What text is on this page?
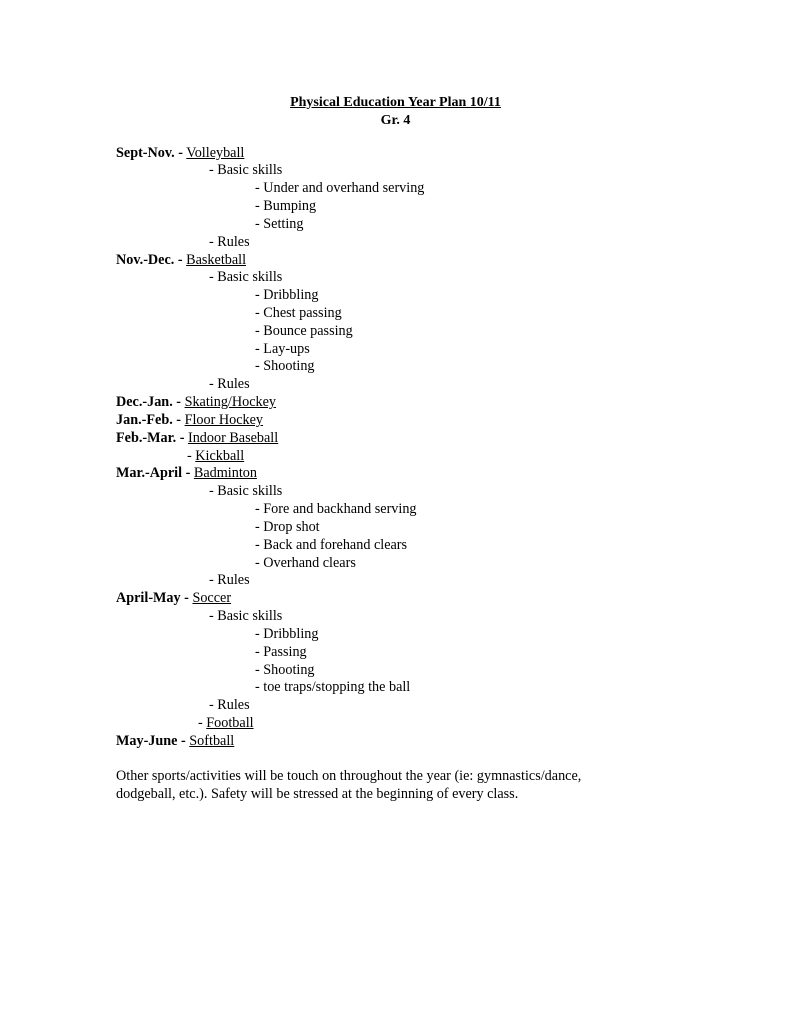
Physical Education Year Plan 10/11
Gr. 4
Sept-Nov. - Volleyball
- Basic skills
- Under and overhand serving
- Bumping
- Setting
- Rules
Nov.-Dec. - Basketball
- Basic skills
- Dribbling
- Chest passing
- Bounce passing
- Lay-ups
- Shooting
- Rules
Dec.-Jan. - Skating/Hockey
Jan.-Feb. - Floor Hockey
Feb.-Mar. - Indoor Baseball
- Kickball
Mar.-April - Badminton
- Basic skills
- Fore and backhand serving
- Drop shot
- Back and forehand clears
- Overhand clears
- Rules
April-May - Soccer
- Basic skills
- Dribbling
- Passing
- Shooting
- toe traps/stopping the ball
- Rules
- Football
May-June - Softball
Other sports/activities will be touch on throughout the year (ie: gymnastics/dance,
dodgeball, etc.). Safety will be stressed at the beginning of every class.
